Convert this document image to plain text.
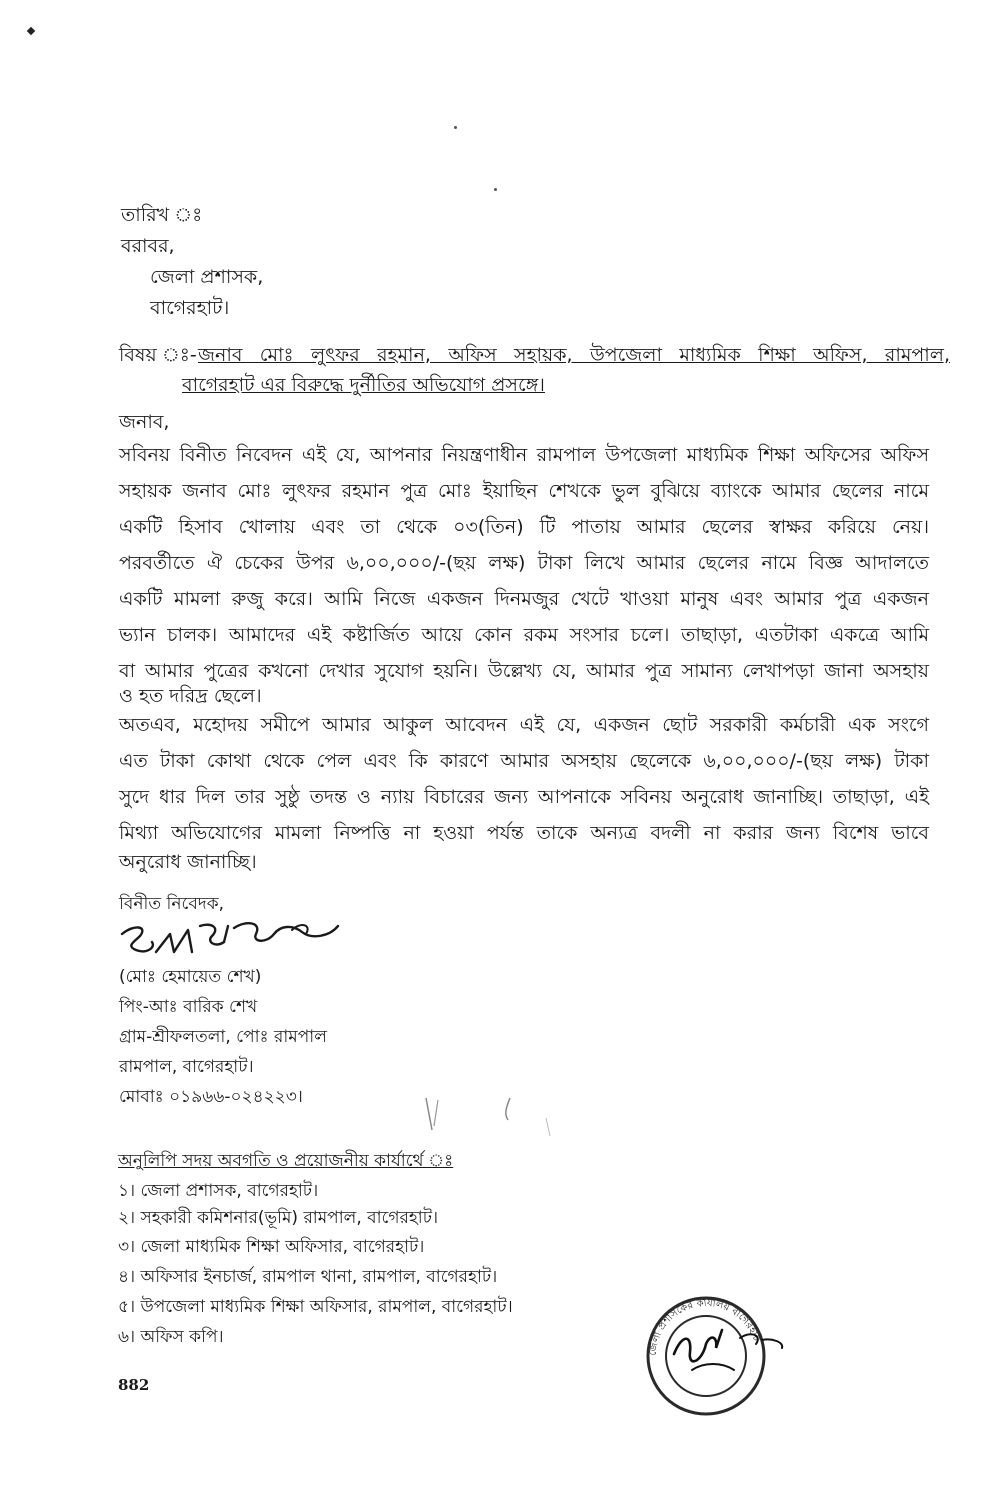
তারিখ ঃ
বরাবর,
জেলা প্রশাসক,
বাগেরহাট।
বিষয় ঃ- জনাব মোঃ লুৎফর রহমান, অফিস সহায়ক, উপজেলা মাধ্যমিক শিক্ষা অফিস, রামপাল,
বাগেরহাট এর বিরুদ্ধে দুর্নীতির অভিযোগ প্রসঙ্গে।
জনাব,
সবিনয় বিনীত নিবেদন এই যে, আপনার নিয়ন্ত্রণাধীন রামপাল উপজেলা মাধ্যমিক শিক্ষা অফিসের অফিস
সহায়ক জনাব মোঃ লুৎফর রহমান পুত্র মোঃ ইয়াছিন শেখকে ভুল বুঝিয়ে ব্যাংকে আমার ছেলের নামে
একটি হিসাব খোলায় এবং তা থেকে ০৩(তিন) টি পাতায় আমার ছেলের স্বাক্ষর করিয়ে নেয়।
পরবর্তীতে ঐ চেকের উপর ৬,০০,০০০/-(ছয় লক্ষ) টাকা লিখে আমার ছেলের নামে বিজ্ঞ আদালতে
একটি মামলা রুজু করে। আমি নিজে একজন দিনমজুর খেটে খাওয়া মানুষ এবং আমার পুত্র একজন
ভ্যান চালক। আমাদের এই কষ্টার্জিত আয়ে কোন রকম সংসার চলে। তাছাড়া, এতটাকা একত্রে আমি
বা আমার পুত্রের কখনো দেখার সুযোগ হয়নি। উল্লেখ্য যে, আমার পুত্র সামান্য লেখাপড়া জানা অসহায়
ও হত দরিদ্র ছেলে।
অতএব, মহোদয় সমীপে আমার আকুল আবেদন এই যে, একজন ছোট সরকারী কর্মচারী এক সংগে
এত টাকা কোথা থেকে পেল এবং কি কারণে আমার অসহায় ছেলেকে ৬,০০,০০০/-(ছয় লক্ষ) টাকা
সুদে ধার দিল তার সুষ্ঠু তদন্ত ও ন্যায় বিচারের জন্য আপনাকে সবিনয় অনুরোধ জানাচ্ছি। তাছাড়া, এই
মিথ্যা অভিযোগের মামলা নিষ্পত্তি না হওয়া পর্যন্ত তাকে অন্যত্র বদলী না করার জন্য বিশেষ ভাবে
অনুরোধ জানাচ্ছি।
বিনীত নিবেদক,
(মোঃ হেমায়েত শেখ)
পিং-আঃ বারিক শেখ
গ্রাম-শ্রীফলতলা, পোঃ রামপাল
রামপাল, বাগেরহাট।
মোবাঃ ০১৯৬৬-০২৪২২৩।
অনুলিপি সদয় অবগতি ও প্রয়োজনীয় কার্যার্থে ঃ
১। জেলা প্রশাসক, বাগেরহাট।
২। সহকারী কমিশনার(ভূমি) রামপাল, বাগেরহাট।
৩। জেলা মাধ্যমিক শিক্ষা অফিসার, বাগেরহাট।
৪। অফিসার ইনচার্জ, রামপাল থানা, রামপাল, বাগেরহাট।
৫। উপজেলা মাধ্যমিক শিক্ষা অফিসার, রামপাল, বাগেরহাট।
৬। অফিস কপি।
882
জেলা প্রশাসকের কার্যালয় বাগেরহাট
